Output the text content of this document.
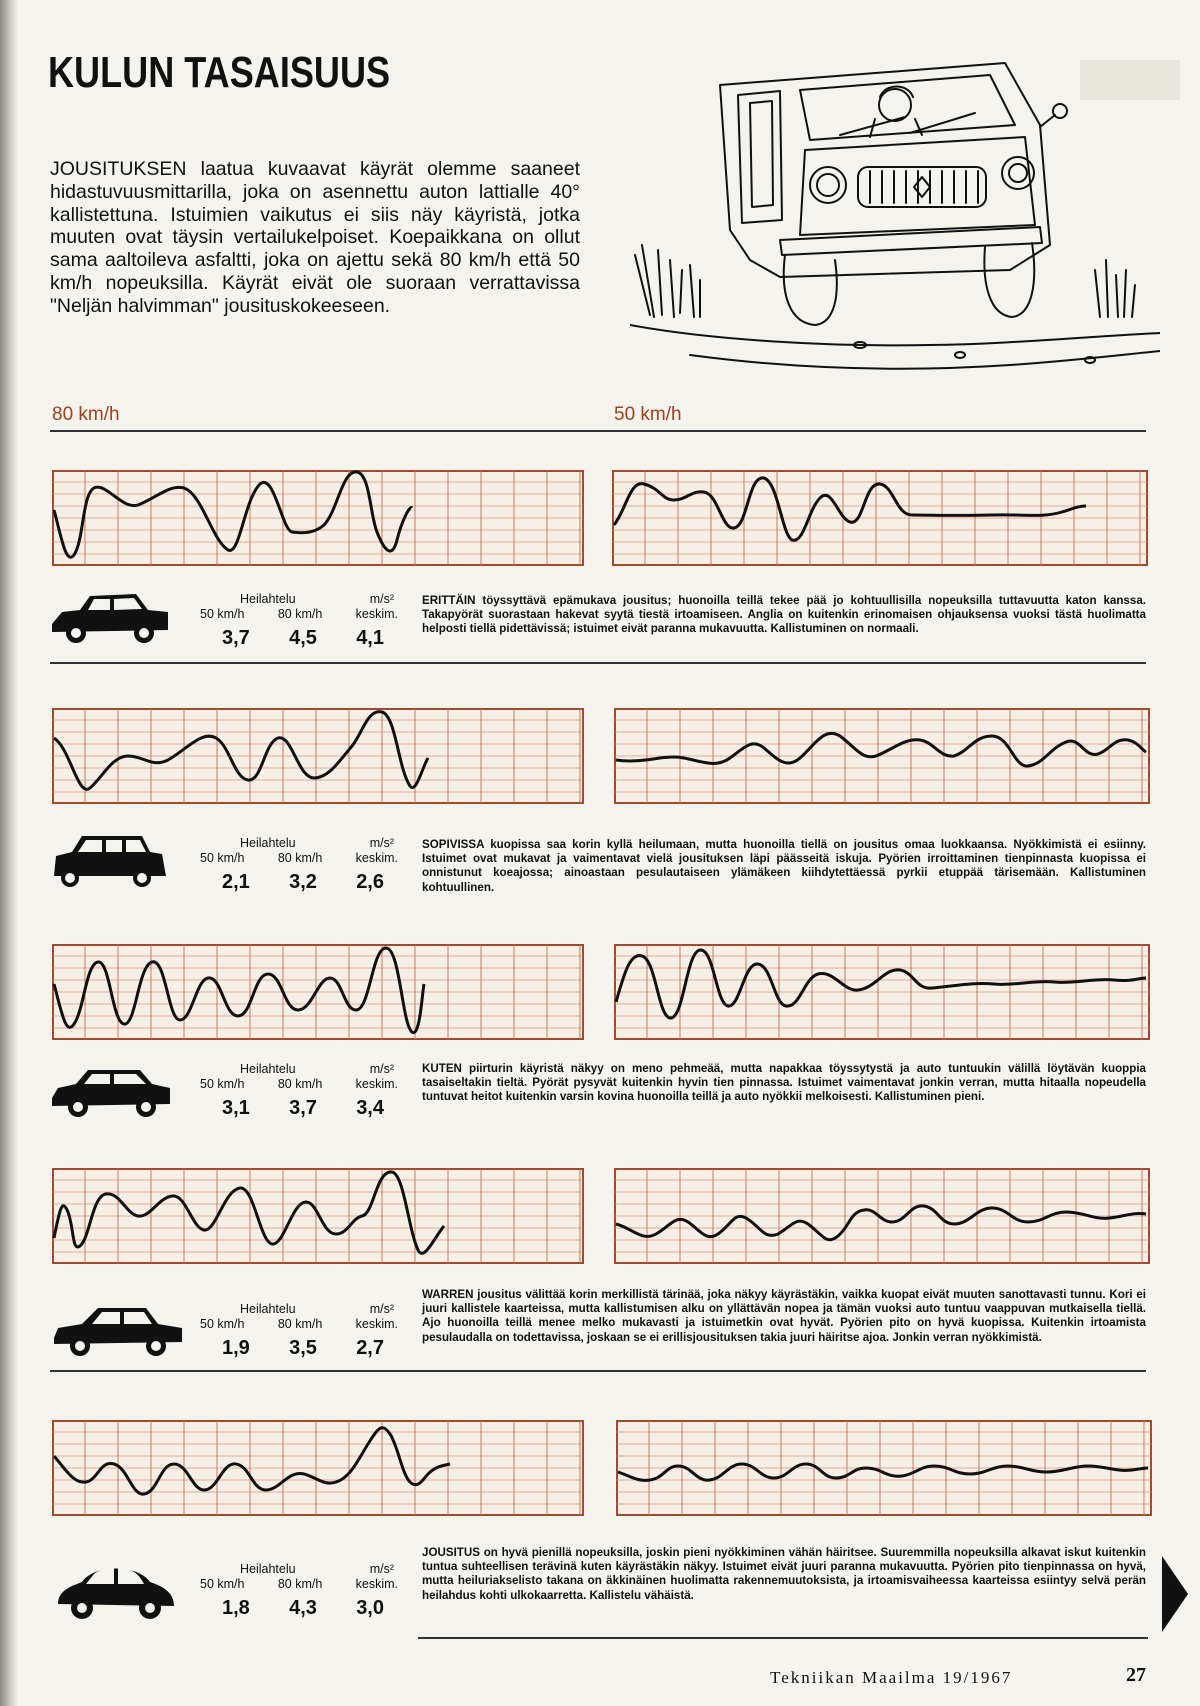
KULUN TASAISUUS

JOUSITUKSEN laatua kuvaavat käyrät olemme saaneet hidastuvuusmittarilla, joka on asennettu auton lattialle 40° kallistettuna. Istuimien vaikutus ei siis näy käyristä, jotka muuten ovat täysin vertailukelpoiset. Koepaikkana on ollut sama aaltoileva asfaltti, joka on ajettu sekä 80 km/h että 50 km/h nopeuksilla. Käyrät eivät ole suoraan verrattavissa "Neljän halvimman" jousituskokeeseen.

80 km/h	50 km/h
Heilahtelu	m/s²
50 km/h	80 km/h	keskim.
3,7 4,5 4,1

ERITTÄIN töyssyttävä epämukava jousitus; huonoilla teillä tekee pää jo kohtuullisilla nopeuksilla tuttavuutta katon kanssa. Takapyörät suorastaan hakevat syytä tiestä irtoamiseen. Anglia on kuitenkin erinomaisen ohjauksensa vuoksi tästä huolimatta helposti tiellä pidettävissä; istuimet eivät paranna mukavuutta. Kallistuminen on normaali.

Heilahtelu	m/s²
50 km/h	80 km/h	keskim.
2,1 3,2 2,6

SOPIVISSA kuopissa saa korin kyllä heilumaan, mutta huonoilla tiellä on jousitus omaa luokkaansa. Nyökkimistä ei esiinny. Istuimet ovat mukavat ja vaimentavat vielä jousituksen läpi päässeitä iskuja. Pyörien irroittaminen tienpinnasta kuopissa ei onnistunut koeajossa; ainoastaan pesulautaiseen ylämäkeen kiihdytettäessä pyrkii etuppää tärisemään. Kallistuminen kohtuullinen.

Heilahtelu	m/s²
50 km/h	80 km/h	keskim.
3,1 3,7 3,4

KUTEN piirturin käyristä näkyy on meno pehmeää, mutta napakkaa töyssytystä ja auto tuntuukin välillä löytävän kuoppia tasaiseltakin tieltä. Pyörät pysyvät kuitenkin hyvin tien pinnassa. Istuimet vaimentavat jonkin verran, mutta hitaalla nopeudella tuntuvat heitot kuitenkin varsin kovina huonoilla teillä ja auto nyökkii melkoisesti. Kallistuminen pieni.

Heilahtelu	m/s²
50 km/h	80 km/h	keskim.
1,9 3,5 2,7

WARREN jousitus välittää korin merkillistä tärinää, joka näkyy käyrästäkin, vaikka kuopat eivät muuten sanottavasti tunnu. Kori ei juuri kallistele kaarteissa, mutta kallistumisen alku on yllättävän nopea ja tämän vuoksi auto tuntuu vaappuvan mutkaisella tiellä. Ajo huonoilla teillä menee melko mukavasti ja istuimetkin ovat hyvät. Pyörien pito on hyvä kuopissa. Kuitenkin irtoamista pesulaudalla on todettavissa, joskaan se ei erillisjousituksen takia juuri häiritse ajoa. Jonkin verran nyökkimistä.

Heilahtelu	m/s²
50 km/h	80 km/h	keskim.
1,8 4,3 3,0

JOUSITUS on hyvä pienillä nopeuksilla, joskin pieni nyökkiminen vähän häiritsee. Suuremmilla nopeuksilla alkavat iskut kuitenkin tuntua suhteellisen terävinä kuten käyrästäkin näkyy. Istuimet eivät juuri paranna mukavuutta. Pyörien pito tienpinnassa on hyvä, mutta heiluriakselisto takana on äkkinäinen huolimatta rakennemuutoksista, ja irtoamisvaiheessa kaarteissa esiintyy selvä perän heilahdus kohti ulkokaarretta. Kallistelu vähäistä.

Tekniikan Maailma 19/1967	27
